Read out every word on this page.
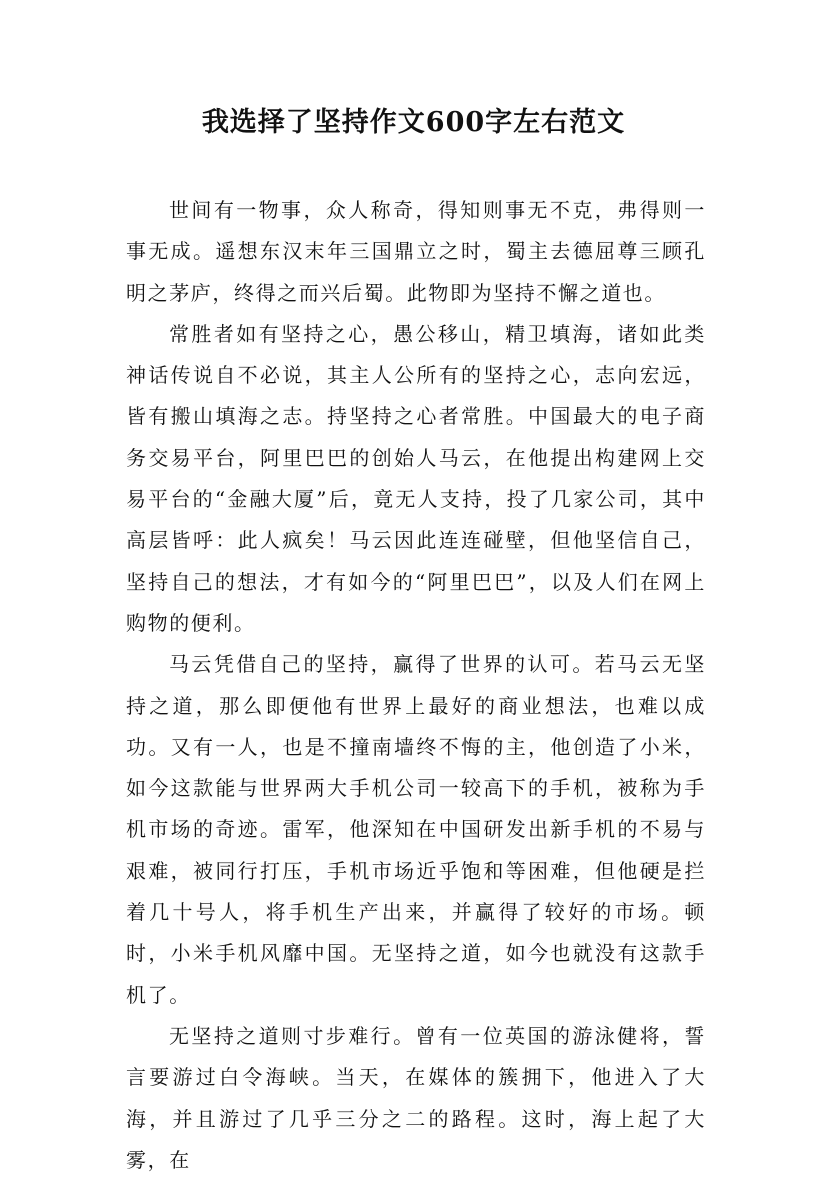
我选择了坚持作文600字左右范文

世间有一物事，众人称奇，得知则事无不克，弗得则一事无成。遥想东汉末年三国鼎立之时，蜀主去德屈尊三顾孔明之茅庐，终得之而兴后蜀。此物即为坚持不懈之道也。

常胜者如有坚持之心，愚公移山，精卫填海，诸如此类神话传说自不必说，其主人公所有的坚持之心，志向宏远，皆有搬山填海之志。持坚持之心者常胜。中国最大的电子商务交易平台，阿里巴巴的创始人马云，在他提出构建网上交易平台的“金融大厦”后，竟无人支持，投了几家公司，其中高层皆呼：此人疯矣！马云因此连连碰壁，但他坚信自己，坚持自己的想法，才有如今的“阿里巴巴”，以及人们在网上购物的便利。

马云凭借自己的坚持，赢得了世界的认可。若马云无坚持之道，那么即便他有世界上最好的商业想法，也难以成功。又有一人，也是不撞南墙终不悔的主，他创造了小米，如今这款能与世界两大手机公司一较高下的手机，被称为手机市场的奇迹。雷军，他深知在中国研发出新手机的不易与艰难，被同行打压，手机市场近乎饱和等困难，但他硬是拦着几十号人，将手机生产出来，并赢得了较好的市场。顿时，小米手机风靡中国。无坚持之道，如今也就没有这款手机了。

无坚持之道则寸步难行。曾有一位英国的游泳健将，誓言要游过白令海峡。当天，在媒体的簇拥下，他进入了大海，并且游过了几乎三分之二的路程。这时，海上起了大雾，在
